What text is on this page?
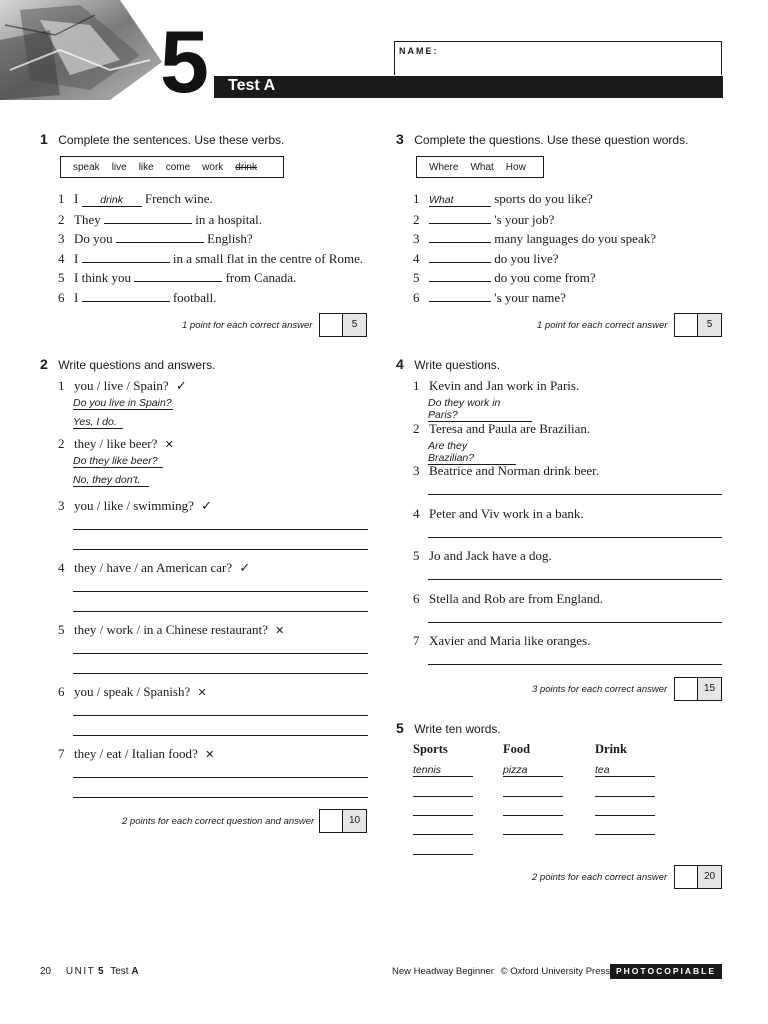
5	NAME:
Test A
1 Complete the sentences. Use these verbs.
speak live like come work drink
1 I drink French wine.
2 They	in a hospital.
3 Do you	English?
4 I	in a small flat in the centre of Rome.
5 I think you	from Canada.
6 I	football.
1 point for each correct answer	5
2 Write questions and answers.
1 you / live / Spain? ✓
Do you live in Spain?
Yes, I do.
2 they / like beer? ✕
Do they like beer?
No, they don't.
3 you / like / swimming? ✓
4 they / have / an American car? ✓
5 they / work / in a Chinese restaurant? ✕
6 you / speak / Spanish? ✕
7 they / eat / Italian food? ✕
2 points for each correct question and answer	10
3 Complete the questions. Use these question words.
Where What How
1 What	sports do you like?
2	's your job?
3	many languages do you speak?
4	do you live?
5	do you come from?
6	's your name?
1 point for each correct answer	5
4 Write questions.
1 Kevin and Jan work in Paris.
Do they work in Paris?
2 Teresa and Paula are Brazilian.
Are they Brazilian?
3 Beatrice and Norman drink beer.
4 Peter and Viv work in a bank.
5 Jo and Jack have a dog.
6 Stella and Rob are from England.
7 Xavier and Maria like oranges.
3 points for each correct answer	15
5 Write ten words.
Sports	Food	Drink
tennis	pizza	tea
2 points for each correct answer	20
20 UNIT 5 Test A	New Headway Beginner © Oxford University Press PHOTOCOPIABLE
